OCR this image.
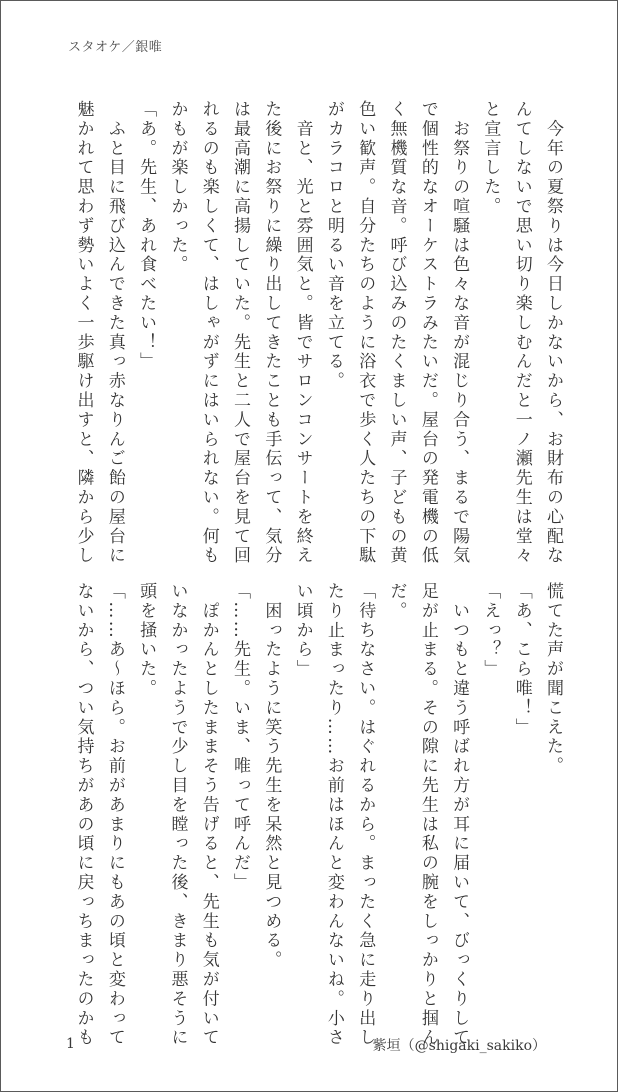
スタオケ／銀唯
　今年の夏祭りは今日しかないから、お財布の心配な
んてしないで思い切り楽しむんだと一ノ瀬先生は堂々
と宣言した。
　お祭りの喧騒は色々な音が混じり合う、まるで陽気
で個性的なオーケストラみたいだ。屋台の発電機の低
く無機質な音。呼び込みのたくましい声、子どもの黄
色い歓声。自分たちのように浴衣で歩く人たちの下駄
がカラコロと明るい音を立てる。
　音と、光と雰囲気と。皆でサロンコンサートを終え
た後にお祭りに繰り出してきたことも手伝って、気分
は最高潮に高揚していた。先生と二人で屋台を見て回
れるのも楽しくて、はしゃがずにはいられない。何も
かもが楽しかった。
「あ。先生、あれ食べたい！」
　ふと目に飛び込んできた真っ赤なりんご飴の屋台に
魅かれて思わず勢いよく一歩駆け出すと、隣から少し
慌てた声が聞こえた。
「あ、こら唯！」
「えっ？」
　いつもと違う呼ばれ方が耳に届いて、びっくりして
足が止まる。その隙に先生は私の腕をしっかりと掴ん
だ。
「待ちなさい。はぐれるから。まったく急に走り出し
たり止まったり……お前はほんと変わんないね。小さ
い頃から」
　困ったように笑う先生を呆然と見つめる。
「……先生。いま、唯って呼んだ」
　ぽかんとしたままそう告げると、先生も気が付いて
いなかったようで少し目を瞠った後、きまり悪そうに
頭を掻いた。
「……あ〜ほら。お前があまりにもあの頃と変わって
ないから、つい気持ちがあの頃に戻っちまったのかも
1	紫垣（@shigaki_sakiko）
